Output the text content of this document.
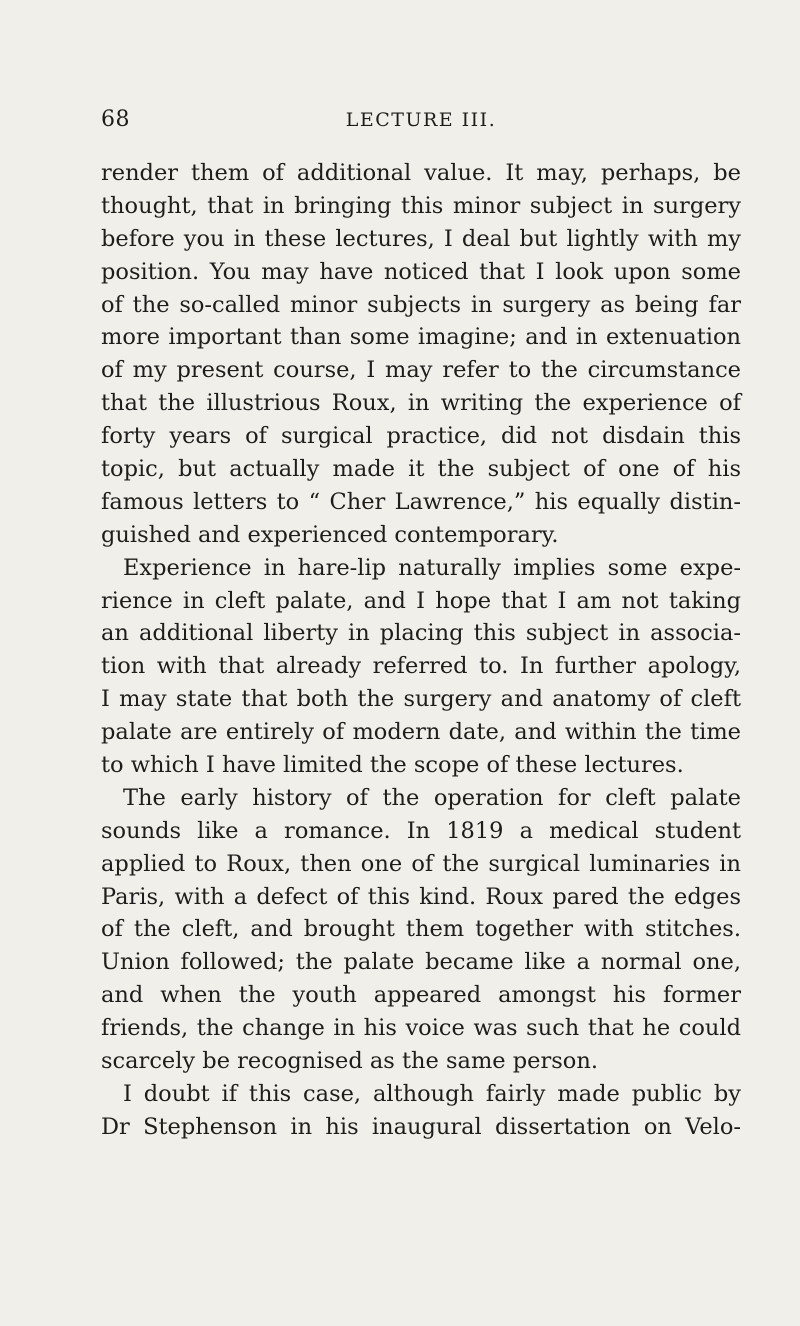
68	LECTURE III.
render them of additional value. It may, perhaps, be
thought, that in bringing this minor subject in surgery
before you in these lectures, I deal but lightly with my
position. You may have noticed that I look upon some
of the so-called minor subjects in surgery as being far
more important than some imagine; and in extenuation
of my present course, I may refer to the circumstance
that the illustrious Roux, in writing the experience of
forty years of surgical practice, did not disdain this
topic, but actually made it the subject of one of his
famous letters to “ Cher Lawrence,” his equally distin-
guished and experienced contemporary.
Experience in hare-lip naturally implies some expe-
rience in cleft palate, and I hope that I am not taking
an additional liberty in placing this subject in associa-
tion with that already referred to. In further apology,
I may state that both the surgery and anatomy of cleft
palate are entirely of modern date, and within the time
to which I have limited the scope of these lectures.
The early history of the operation for cleft palate
sounds like a romance. In 1819 a medical student
applied to Roux, then one of the surgical luminaries in
Paris, with a defect of this kind. Roux pared the edges
of the cleft, and brought them together with stitches.
Union followed; the palate became like a normal one,
and when the youth appeared amongst his former
friends, the change in his voice was such that he could
scarcely be recognised as the same person.
I doubt if this case, although fairly made public by
Dr Stephenson in his inaugural dissertation on Velo-
